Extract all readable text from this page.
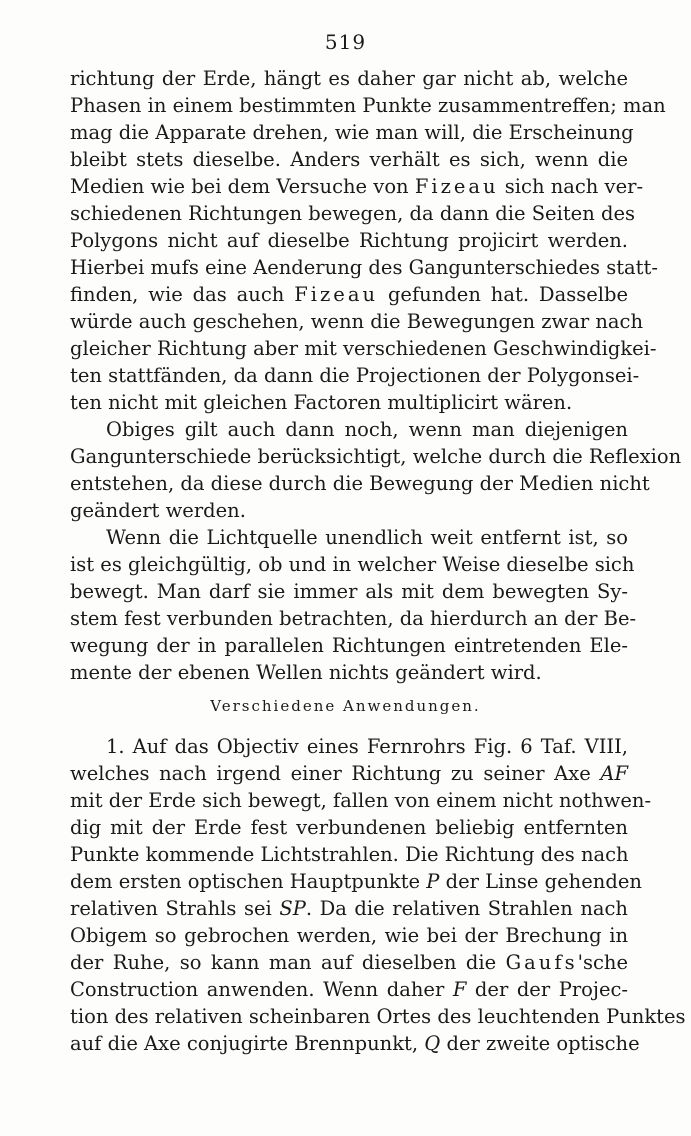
519
richtung der Erde, hängt es daher gar nicht ab, welche
Phasen in einem bestimmten Punkte zusammentreffen; man
mag die Apparate drehen, wie man will, die Erscheinung
bleibt stets dieselbe. Anders verhält es sich, wenn die
Medien wie bei dem Versuche von Fizeau sich nach ver-
schiedenen Richtungen bewegen, da dann die Seiten des
Polygons nicht auf dieselbe Richtung projicirt werden.
Hierbei mufs eine Aenderung des Gangunterschiedes statt-
finden, wie das auch Fizeau gefunden hat. Dasselbe
würde auch geschehen, wenn die Bewegungen zwar nach
gleicher Richtung aber mit verschiedenen Geschwindigkei-
ten stattfänden, da dann die Projectionen der Polygonsei-
ten nicht mit gleichen Factoren multiplicirt wären.
Obiges gilt auch dann noch, wenn man diejenigen
Gangunterschiede berücksichtigt, welche durch die Reflexion
entstehen, da diese durch die Bewegung der Medien nicht
geändert werden.
Wenn die Lichtquelle unendlich weit entfernt ist, so
ist es gleichgültig, ob und in welcher Weise dieselbe sich
bewegt. Man darf sie immer als mit dem bewegten Sy-
stem fest verbunden betrachten, da hierdurch an der Be-
wegung der in parallelen Richtungen eintretenden Ele-
mente der ebenen Wellen nichts geändert wird.
Verschiedene Anwendungen.
1. Auf das Objectiv eines Fernrohrs Fig. 6 Taf. VIII,
welches nach irgend einer Richtung zu seiner Axe AF
mit der Erde sich bewegt, fallen von einem nicht nothwen-
dig mit der Erde fest verbundenen beliebig entfernten
Punkte kommende Lichtstrahlen. Die Richtung des nach
dem ersten optischen Hauptpunkte P der Linse gehenden
relativen Strahls sei SP. Da die relativen Strahlen nach
Obigem so gebrochen werden, wie bei der Brechung in
der Ruhe, so kann man auf dieselben die Gaufs'sche
Construction anwenden. Wenn daher F der der Projec-
tion des relativen scheinbaren Ortes des leuchtenden Punktes
auf die Axe conjugirte Brennpunkt, Q der zweite optische
